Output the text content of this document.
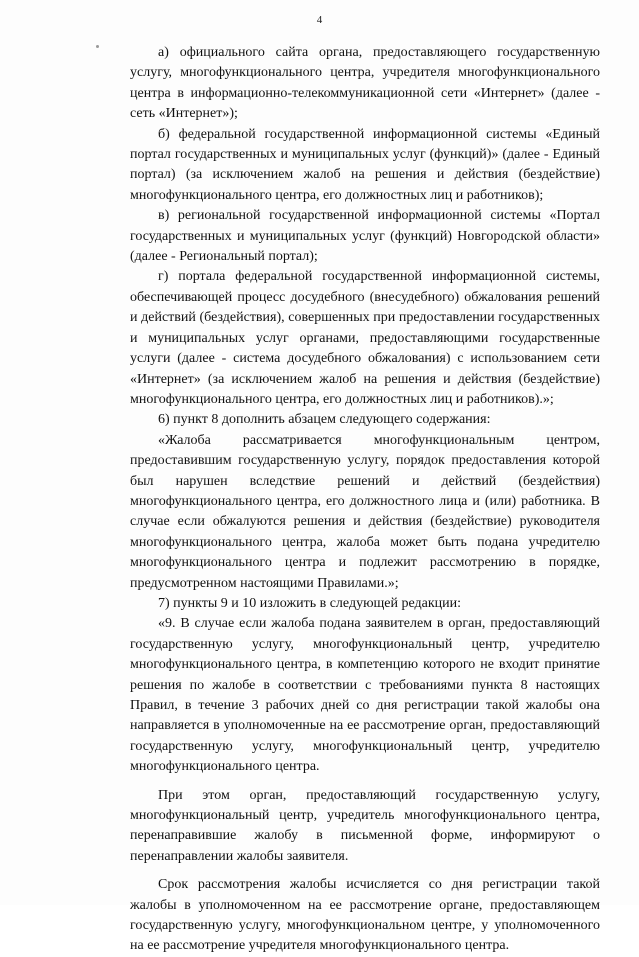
4

а) официального сайта органа, предоставляющего государственную услугу, многофункционального центра, учредителя многофункционального центра в информационно-телекоммуникационной сети «Интернет» (далее - сеть «Интернет»);

б) федеральной государственной информационной системы «Единый портал государственных и муниципальных услуг (функций)» (далее - Единый портал) (за исключением жалоб на решения и действия (бездействие) многофункционального центра, его должностных лиц и работников);

в) региональной государственной информационной системы «Портал государственных и муниципальных услуг (функций) Новгородской области» (далее - Региональный портал);

г) портала федеральной государственной информационной системы, обеспечивающей процесс досудебного (внесудебного) обжалования решений и действий (бездействия), совершенных при предоставлении государственных и муниципальных услуг органами, предоставляющими государственные услуги (далее - система досудебного обжалования) с использованием сети «Интернет» (за исключением жалоб на решения и действия (бездействие) многофункционального центра, его должностных лиц и работников).»;

6) пункт 8 дополнить абзацем следующего содержания:

«Жалоба рассматривается многофункциональным центром, предоставившим государственную услугу, порядок предоставления которой был нарушен вследствие решений и действий (бездействия) многофункционального центра, его должностного лица и (или) работника. В случае если обжалуются решения и действия (бездействие) руководителя многофункционального центра, жалоба может быть подана учредителю многофункционального центра и подлежит рассмотрению в порядке, предусмотренном настоящими Правилами.»;

7) пункты 9 и 10 изложить в следующей редакции:

«9. В случае если жалоба подана заявителем в орган, предоставляющий государственную услугу, многофункциональный центр, учредителю многофункционального центра, в компетенцию которого не входит принятие решения по жалобе в соответствии с требованиями пункта 8 настоящих Правил, в течение 3 рабочих дней со дня регистрации такой жалобы она направляется в уполномоченные на ее рассмотрение орган, предоставляющий государственную услугу, многофункциональный центр, учредителю многофункционального центра.

При этом орган, предоставляющий государственную услугу, многофункциональный центр, учредитель многофункционального центра, перенаправившие жалобу в письменной форме, информируют о перенаправлении жалобы заявителя.

Срок рассмотрения жалобы исчисляется со дня регистрации такой жалобы в уполномоченном на ее рассмотрение органе, предоставляющем государственную услугу, многофункциональном центре, у уполномоченного на ее рассмотрение учредителя многофункционального центра.
